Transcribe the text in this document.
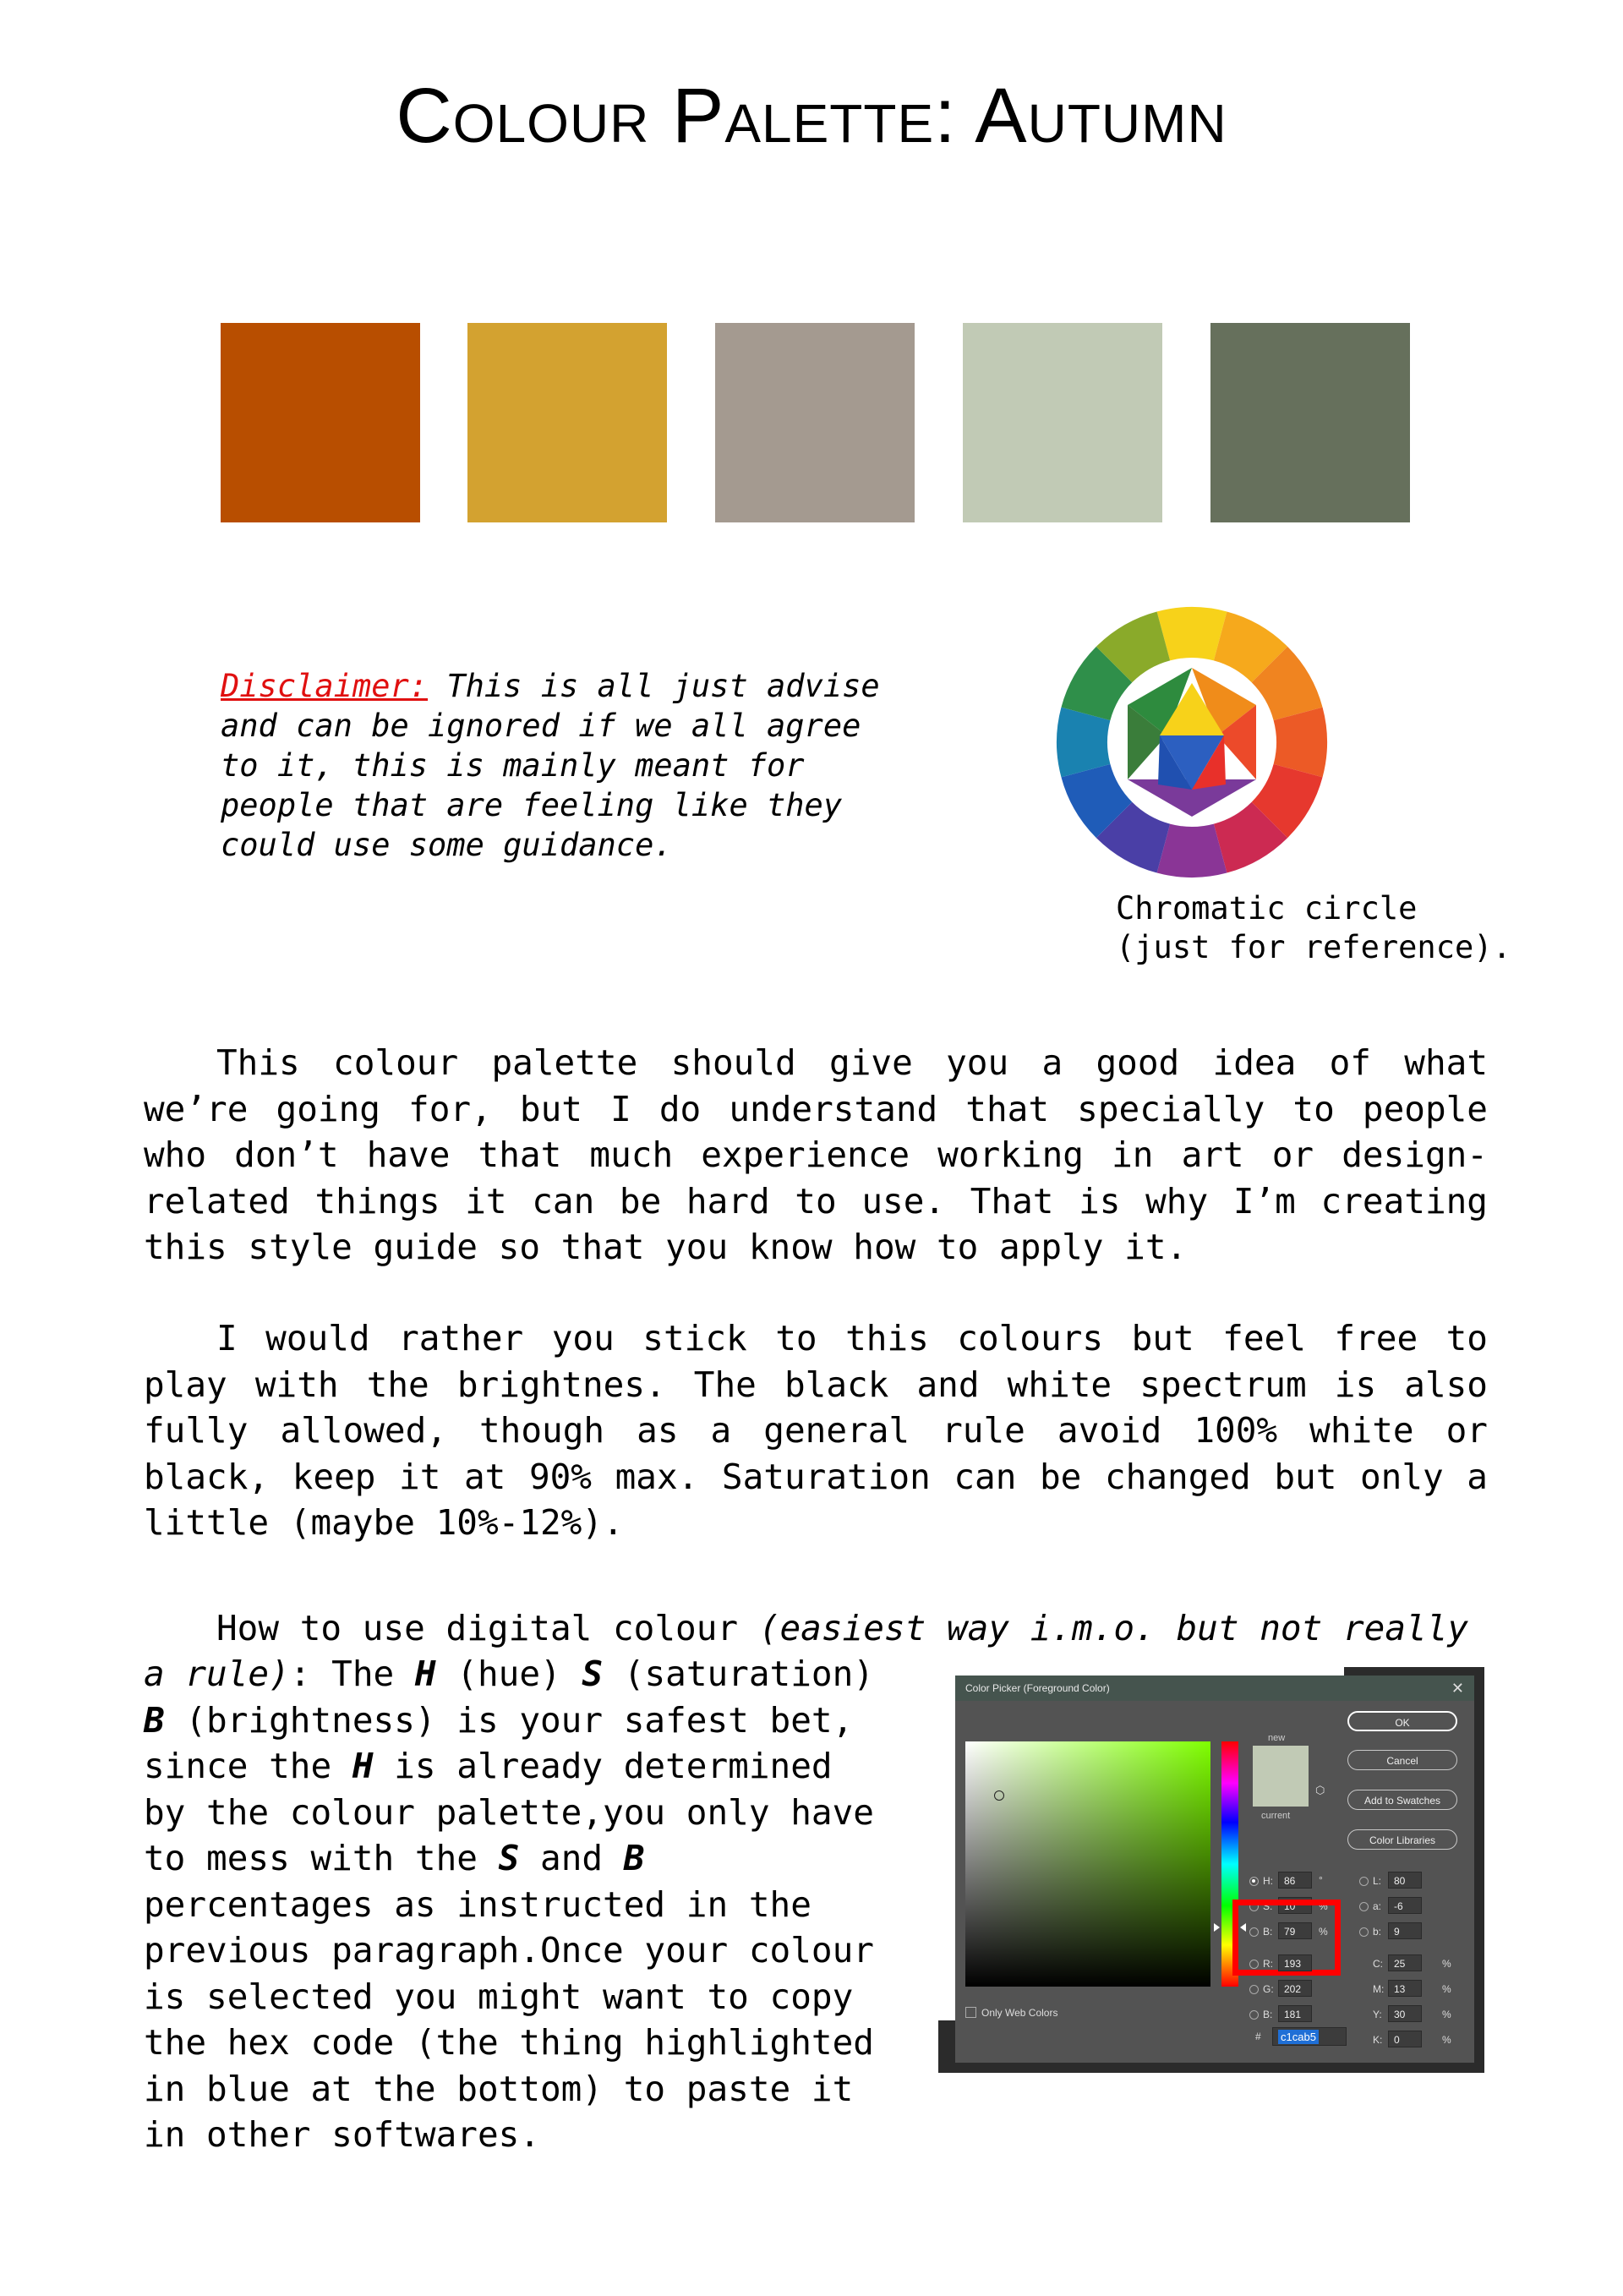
Colour Palette: Autumn
Disclaimer: This is all just advise and can be ignored if we all agree to it, this is mainly meant for people that are feeling like they could use some guidance.
Chromatic circle
(just for reference).
This colour palette should give you a good idea of what we’re going for, but I do understand that specially to people who don’t have that much experience working in art or design-related things it can be hard to use. That is why I’m creating this style guide so that you know how to apply it.
I would rather you stick to this colours but feel free to play with the brightnes. The black and white spectrum is also fully allowed, though as a general rule avoid 100% white or black, keep it at 90% max. Saturation can be changed but only a little (maybe 10%-12%).
How to use digital colour (easiest way i.m.o. but not really
a rule): The H (hue) S (saturation) B (brightness) is your safest bet, since the H is already determined by the colour palette,you only have to mess with the S and B percentages as instructed in the previous paragraph.Once your colour is selected you might want to copy the hex code (the thing highlighted in blue at the bottom) to paste it in other softwares.
Color Picker (Foreground Color)	✕
new
current
⬡
OK
Cancel
Add to Swatches
Color Libraries
H:	86	°
S:	10	%
B:	79	%
R:	193
G:	202
B:	181
L:	80
a:	-6
b:	9
C:	25	%
M: 13	%
Y:	30	%
K:	0	%
Only Web Colors
# c1cab5
